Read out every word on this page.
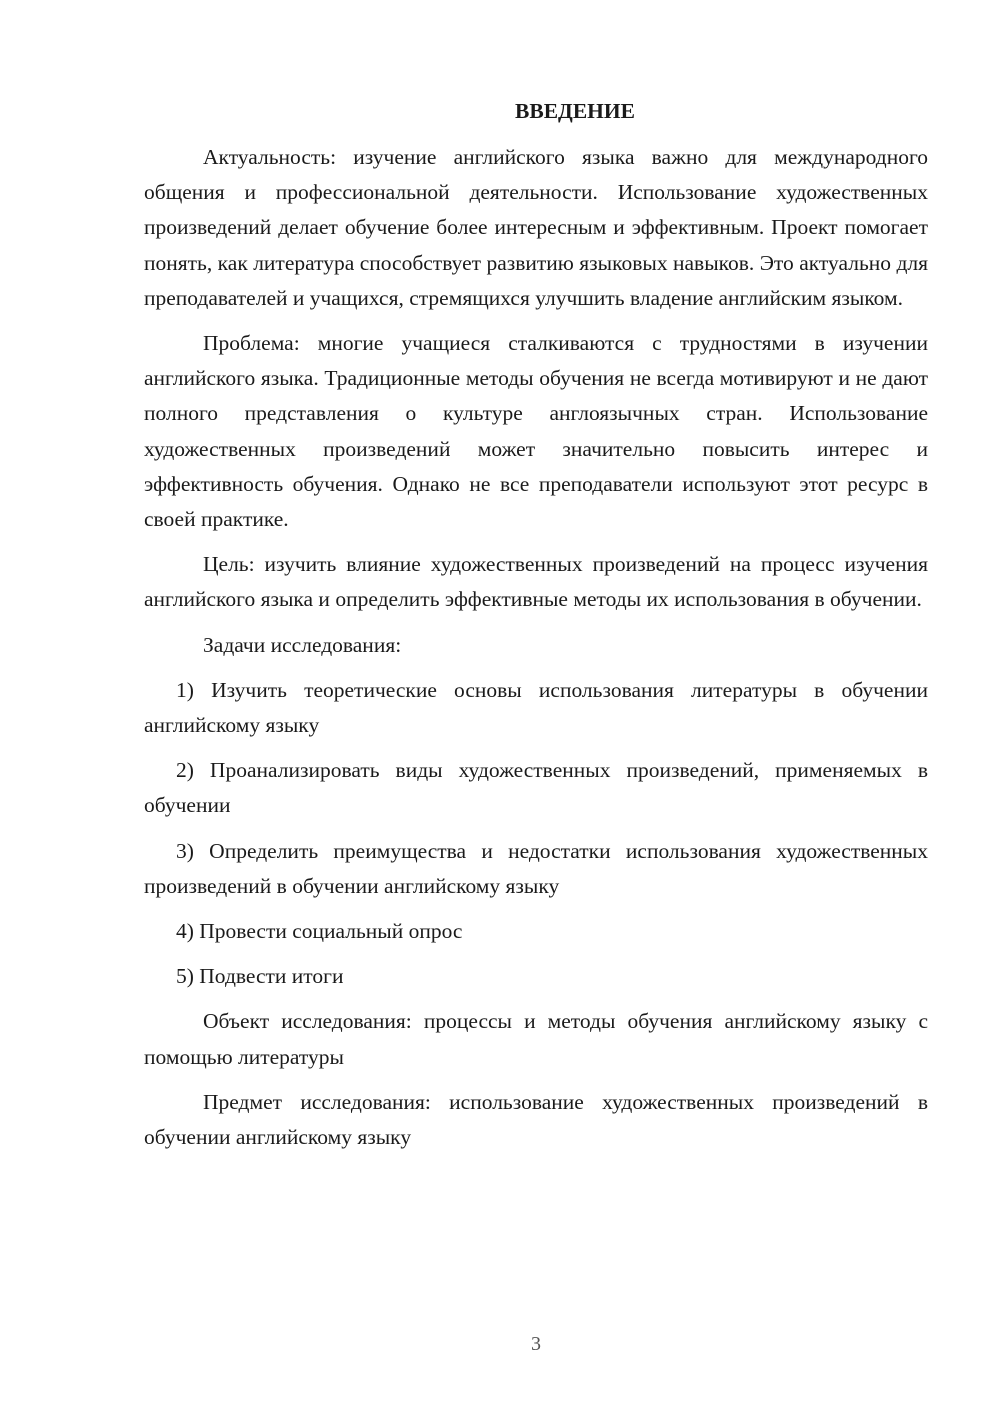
ВВЕДЕНИЕ

Актуальность: изучение английского языка важно для международного общения и профессиональной деятельности. Использование художественных произведений делает обучение более интересным и эффективным. Проект помогает понять, как литература способствует развитию языковых навыков. Это актуально для преподавателей и учащихся, стремящихся улучшить владение английским языком.

Проблема: многие учащиеся сталкиваются с трудностями в изучении английского языка. Традиционные методы обучения не всегда мотивируют и не дают полного представления о культуре англоязычных стран. Использование художественных произведений может значительно повысить интерес и эффективность обучения. Однако не все преподаватели используют этот ресурс в своей практике.

Цель: изучить влияние художественных произведений на процесс изучения английского языка и определить эффективные методы их использования в обучении.

Задачи исследования:

1) Изучить теоретические основы использования литературы в обучении английскому языку

2) Проанализировать виды художественных произведений, применяемых в обучении

3) Определить преимущества и недостатки использования художественных произведений в обучении английскому языку

4) Провести социальный опрос

5) Подвести итоги

Объект исследования: процессы и методы обучения английскому языку с помощью литературы

Предмет исследования: использование художественных произведений в обучении английскому языку

3
